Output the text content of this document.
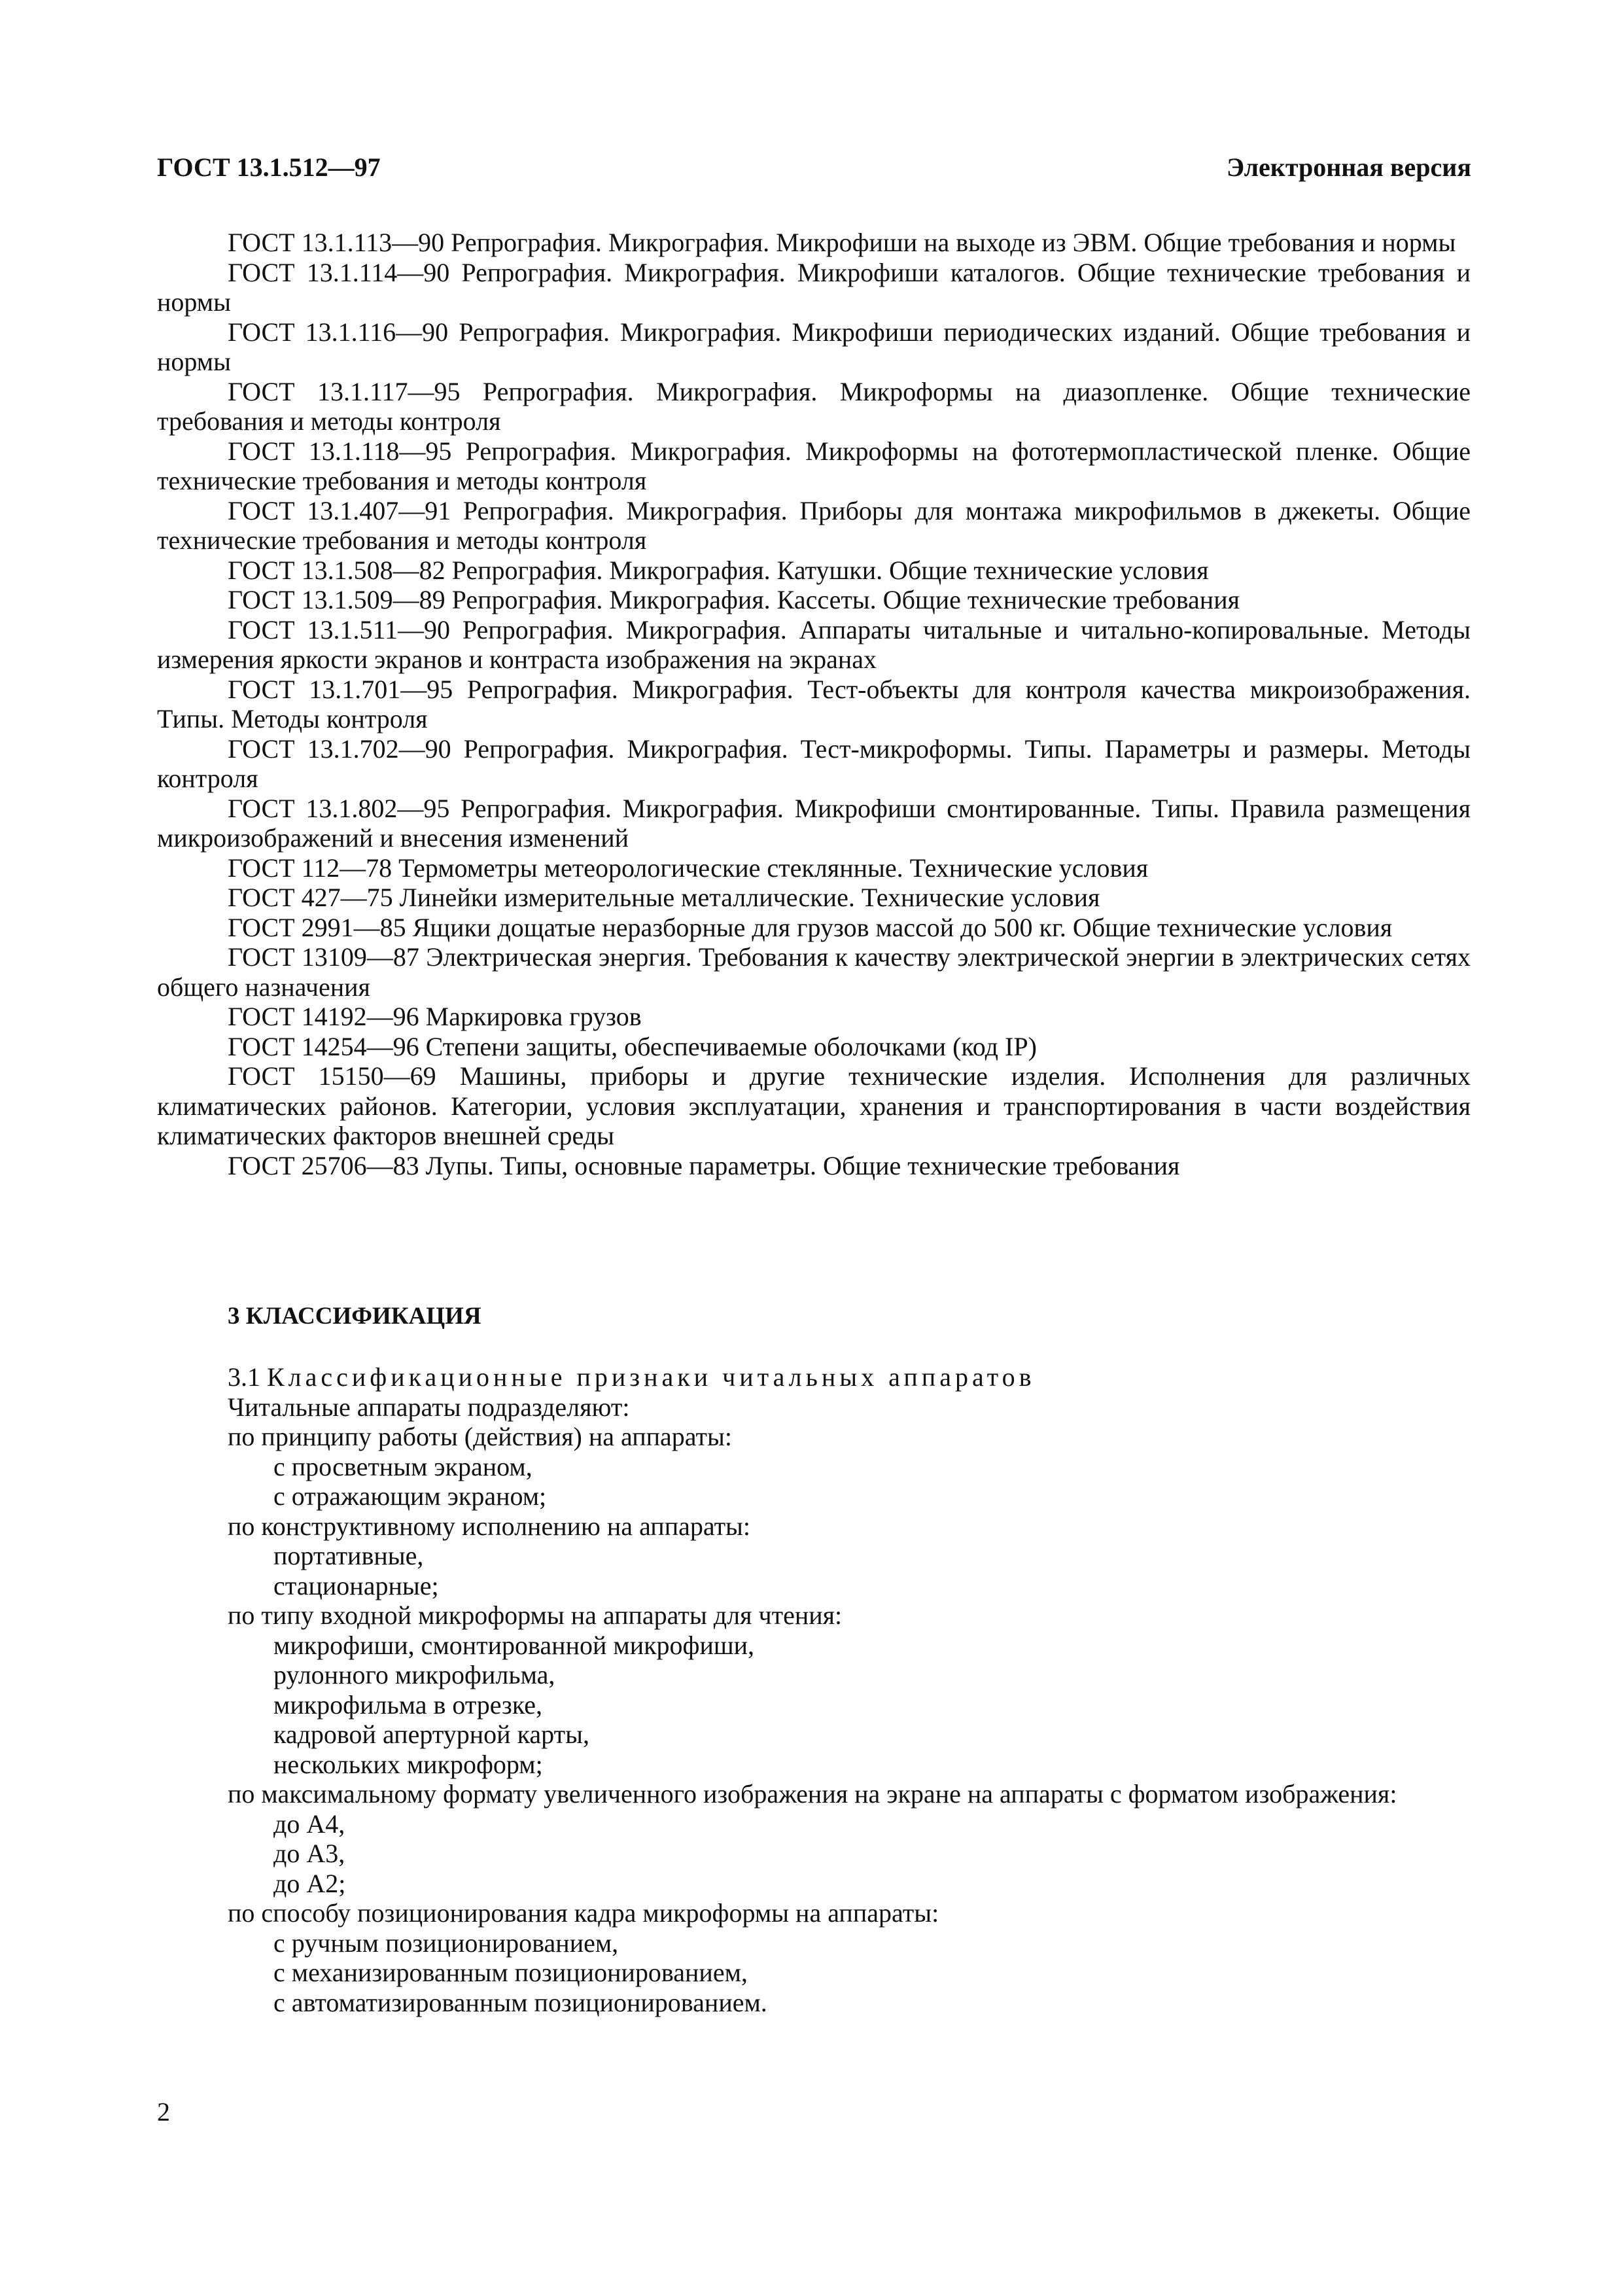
ГОСТ 13.1.512—97	Электронная версия

ГОСТ 13.1.113—90 Репрография. Микрография. Микрофиши на выходе из ЭВМ. Общие требования и нормы

ГОСТ 13.1.114—90 Репрография. Микрография. Микрофиши каталогов. Общие технические требования и нормы

ГОСТ 13.1.116—90 Репрография. Микрография. Микрофиши периодических изданий. Общие требования и нормы

ГОСТ 13.1.117—95 Репрография. Микрография. Микроформы на диазопленке. Общие технические требования и методы контроля

ГОСТ 13.1.118—95 Репрография. Микрография. Микроформы на фототермопластической пленке. Общие технические требования и методы контроля

ГОСТ 13.1.407—91 Репрография. Микрография. Приборы для монтажа микрофильмов в джекеты. Общие технические требования и методы контроля

ГОСТ 13.1.508—82 Репрография. Микрография. Катушки. Общие технические условия

ГОСТ 13.1.509—89 Репрография. Микрография. Кассеты. Общие технические требования

ГОСТ 13.1.511—90 Репрография. Микрография. Аппараты читальные и читально-копировальные. Методы измерения яркости экранов и контраста изображения на экранах

ГОСТ 13.1.701—95 Репрография. Микрография. Тест-объекты для контроля качества микроизображения. Типы. Методы контроля

ГОСТ 13.1.702—90 Репрография. Микрография. Тест-микроформы. Типы. Параметры и размеры. Методы контроля

ГОСТ 13.1.802—95 Репрография. Микрография. Микрофиши смонтированные. Типы. Правила размещения микроизображений и внесения изменений

ГОСТ 112—78 Термометры метеорологические стеклянные. Технические условия

ГОСТ 427—75 Линейки измерительные металлические. Технические условия

ГОСТ 2991—85 Ящики дощатые неразборные для грузов массой до 500 кг. Общие технические условия

ГОСТ 13109—87 Электрическая энергия. Требования к качеству электрической энергии в электрических сетях общего назначения

ГОСТ 14192—96 Маркировка грузов

ГОСТ 14254—96 Степени защиты, обеспечиваемые оболочками (код IP)

ГОСТ 15150—69 Машины, приборы и другие технические изделия. Исполнения для различных климатических районов. Категории, условия эксплуатации, хранения и транспортирования в части воздействия климатических факторов внешней среды

ГОСТ 25706—83 Лупы. Типы, основные параметры. Общие технические требования

3 КЛАССИФИКАЦИЯ

3.1 Классификационные признаки читальных аппаратов

Читальные аппараты подразделяют:

по принципу работы (действия) на аппараты:

с просветным экраном,

с отражающим экраном;

по конструктивному исполнению на аппараты:

портативные,

стационарные;

по типу входной микроформы на аппараты для чтения:

микрофиши, смонтированной микрофиши,

рулонного микрофильма,

микрофильма в отрезке,

кадровой апертурной карты,

нескольких микроформ;

по максимальному формату увеличенного изображения на экране на аппараты с форматом изображения:

до А4,

до А3,

до А2;

по способу позиционирования кадра микроформы на аппараты:

с ручным позиционированием,

с механизированным позиционированием,

с автоматизированным позиционированием.

2
